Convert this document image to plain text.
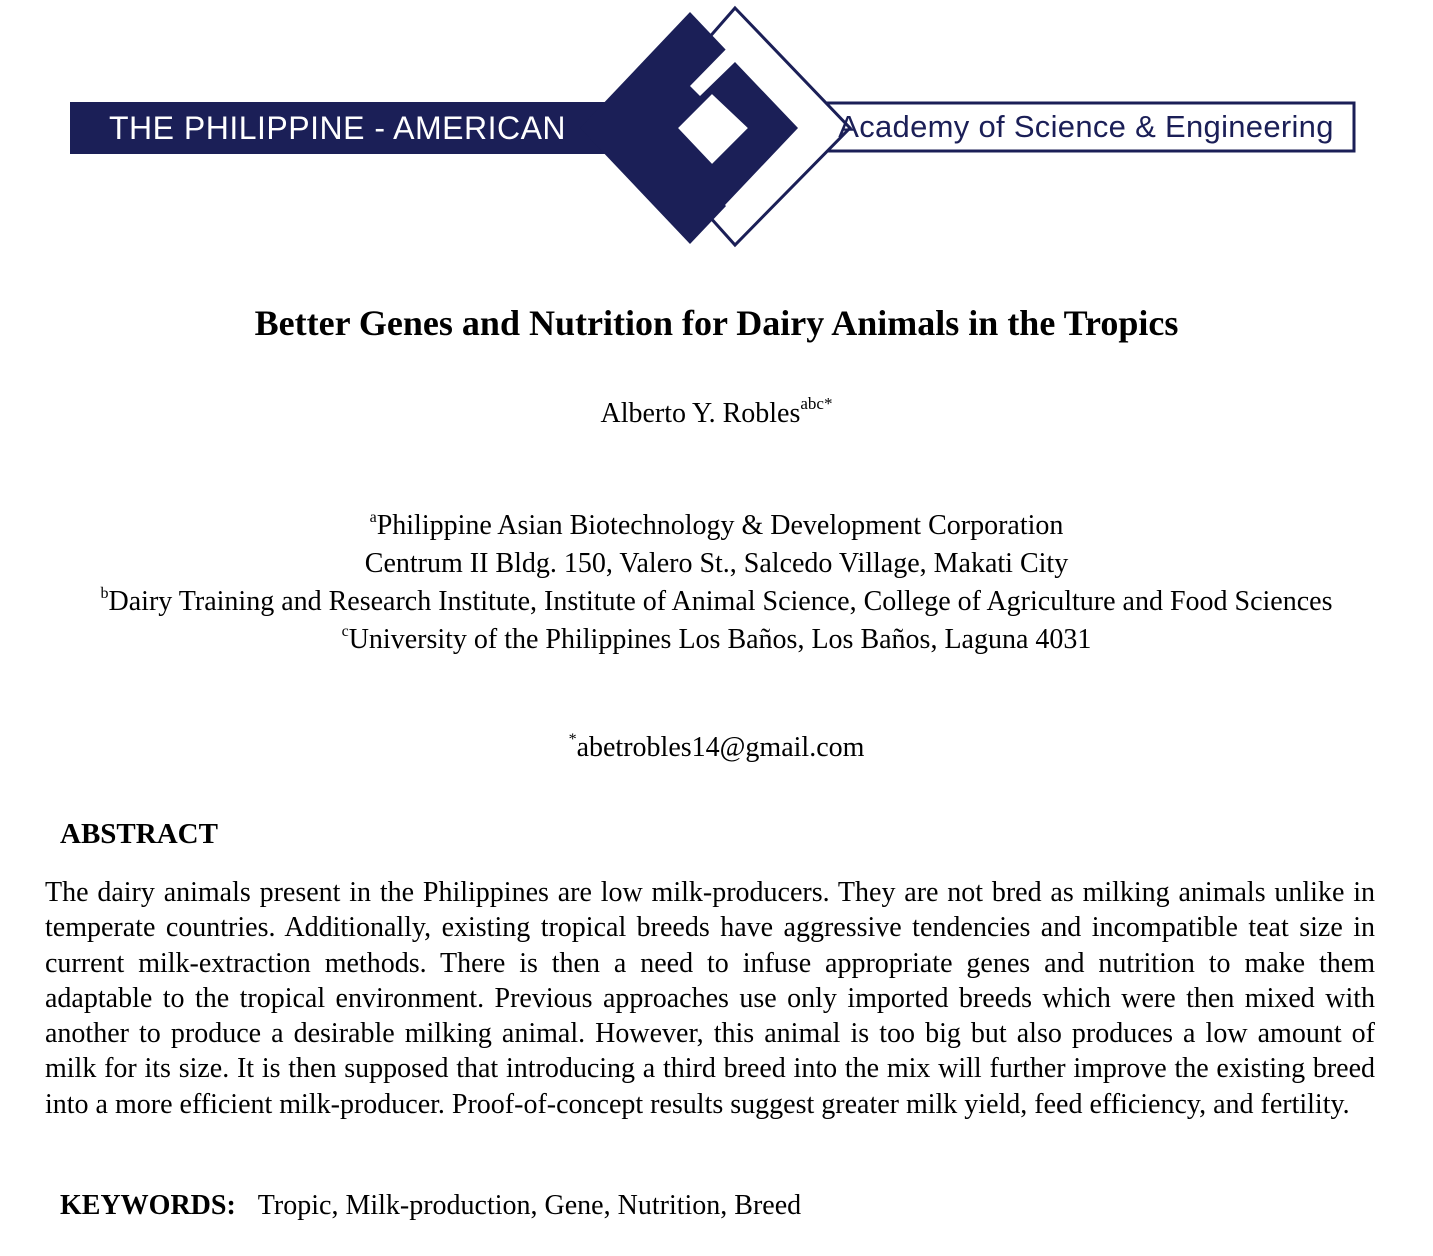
THE PHILIPPINE - AMERICAN	Academy of Science & Engineering
Better Genes and Nutrition for Dairy Animals in the Tropics
Alberto Y. Robles$^{abc*}$
$^a$Philippine Asian Biotechnology & Development Corporation
Centrum II Bldg. 150, Valero St., Salcedo Village, Makati City
$^b$Dairy Training and Research Institute, Institute of Animal Science, College of Agriculture and Food Sciences
$^c$University of the Philippines Los Baños, Los Baños, Laguna 4031
*abetrobles14@gmail.com
ABSTRACT

The dairy animals present in the Philippines are low milk-producers. They are not bred as milking animals unlike in temperate countries. Additionally, existing tropical breeds have aggressive tendencies and incompatible teat size in current milk-extraction methods. There is then a need to infuse appropriate genes and nutrition to make them adaptable to the tropical environment. Previous approaches use only imported breeds which were then mixed with another to produce a desirable milking animal. However, this animal is too big but also produces a low amount of milk for its size. It is then supposed that introducing a third breed into the mix will further improve the existing breed into a more efficient milk-producer. Proof-of-concept results suggest greater milk yield, feed efficiency, and fertility.

KEYWORDS: Tropic, Milk-production, Gene, Nutrition, Breed
